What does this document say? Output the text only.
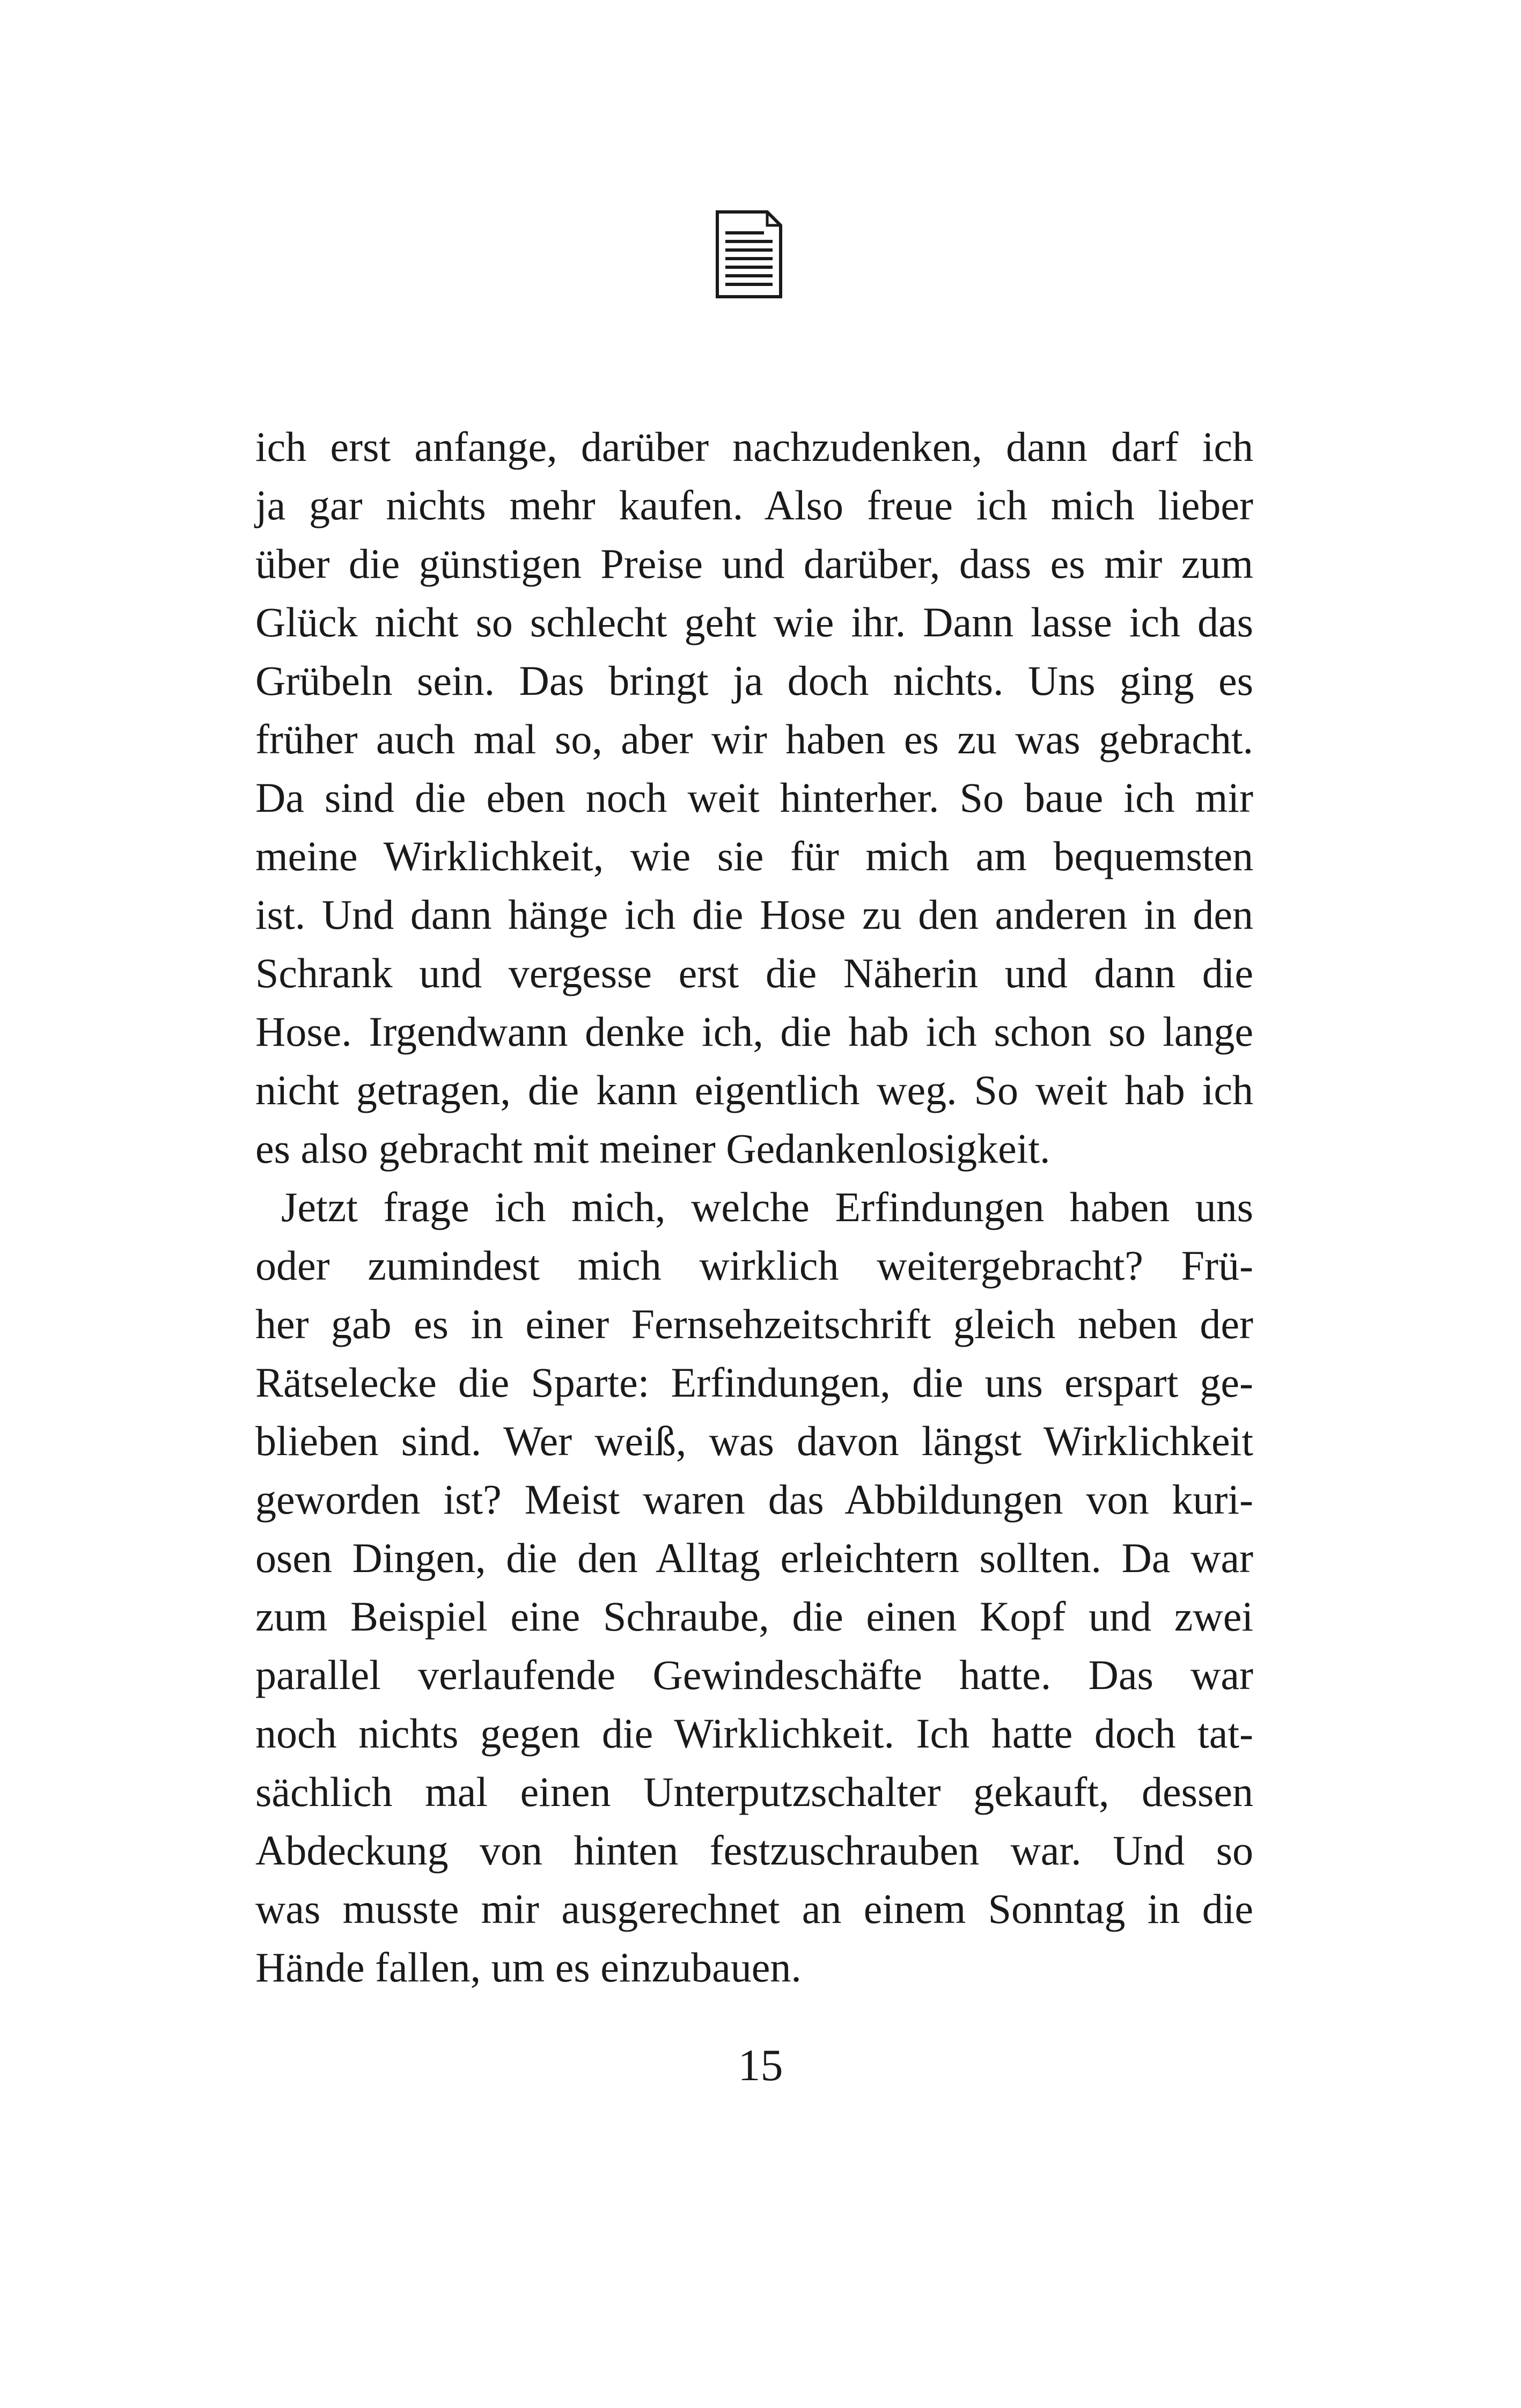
ich erst anfange, darüber nachzudenken, dann darf ich
ja gar nichts mehr kaufen. Also freue ich mich lieber
über die günstigen Preise und darüber, dass es mir zum
Glück nicht so schlecht geht wie ihr. Dann lasse ich das
Grübeln sein. Das bringt ja doch nichts. Uns ging es
früher auch mal so, aber wir haben es zu was gebracht.
Da sind die eben noch weit hinterher. So baue ich mir
meine Wirklichkeit, wie sie für mich am bequemsten
ist. Und dann hänge ich die Hose zu den anderen in den
Schrank und vergesse erst die Näherin und dann die
Hose. Irgendwann denke ich, die hab ich schon so lange
nicht getragen, die kann eigentlich weg. So weit hab ich
es also gebracht mit meiner Gedankenlosigkeit.
Jetzt frage ich mich, welche Erfindungen haben uns
oder zumindest mich wirklich weitergebracht? Frü-
her gab es in einer Fernsehzeitschrift gleich neben der
Rätselecke die Sparte: Erfindungen, die uns erspart ge-
blieben sind. Wer weiß, was davon längst Wirklichkeit
geworden ist? Meist waren das Abbildungen von kuri-
osen Dingen, die den Alltag erleichtern sollten. Da war
zum Beispiel eine Schraube, die einen Kopf und zwei
parallel verlaufende Gewindeschäfte hatte. Das war
noch nichts gegen die Wirklichkeit. Ich hatte doch tat-
sächlich mal einen Unterputzschalter gekauft, dessen
Abdeckung von hinten festzuschrauben war. Und so
was musste mir ausgerechnet an einem Sonntag in die
Hände fallen, um es einzubauen.
15
